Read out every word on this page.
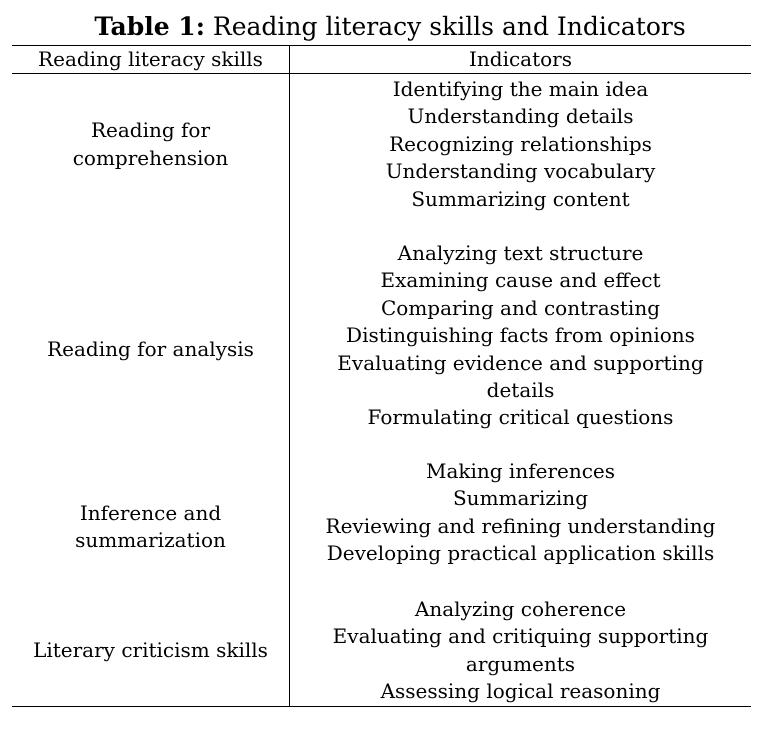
Table 1: Reading literacy skills and Indicators
Reading literacy skills	Indicators
Reading for comprehension
Identifying the main idea
Understanding details
Recognizing relationships
Understanding vocabulary
Summarizing content
Reading for analysis
Analyzing text structure
Examining cause and effect
Comparing and contrasting
Distinguishing facts from opinions
Evaluating evidence and supporting details
Formulating critical questions
Inference and summarization
Making inferences
Summarizing
Reviewing and refining understanding
Developing practical application skills
Literary criticism skills
Analyzing coherence
Evaluating and critiquing supporting arguments
Assessing logical reasoning
